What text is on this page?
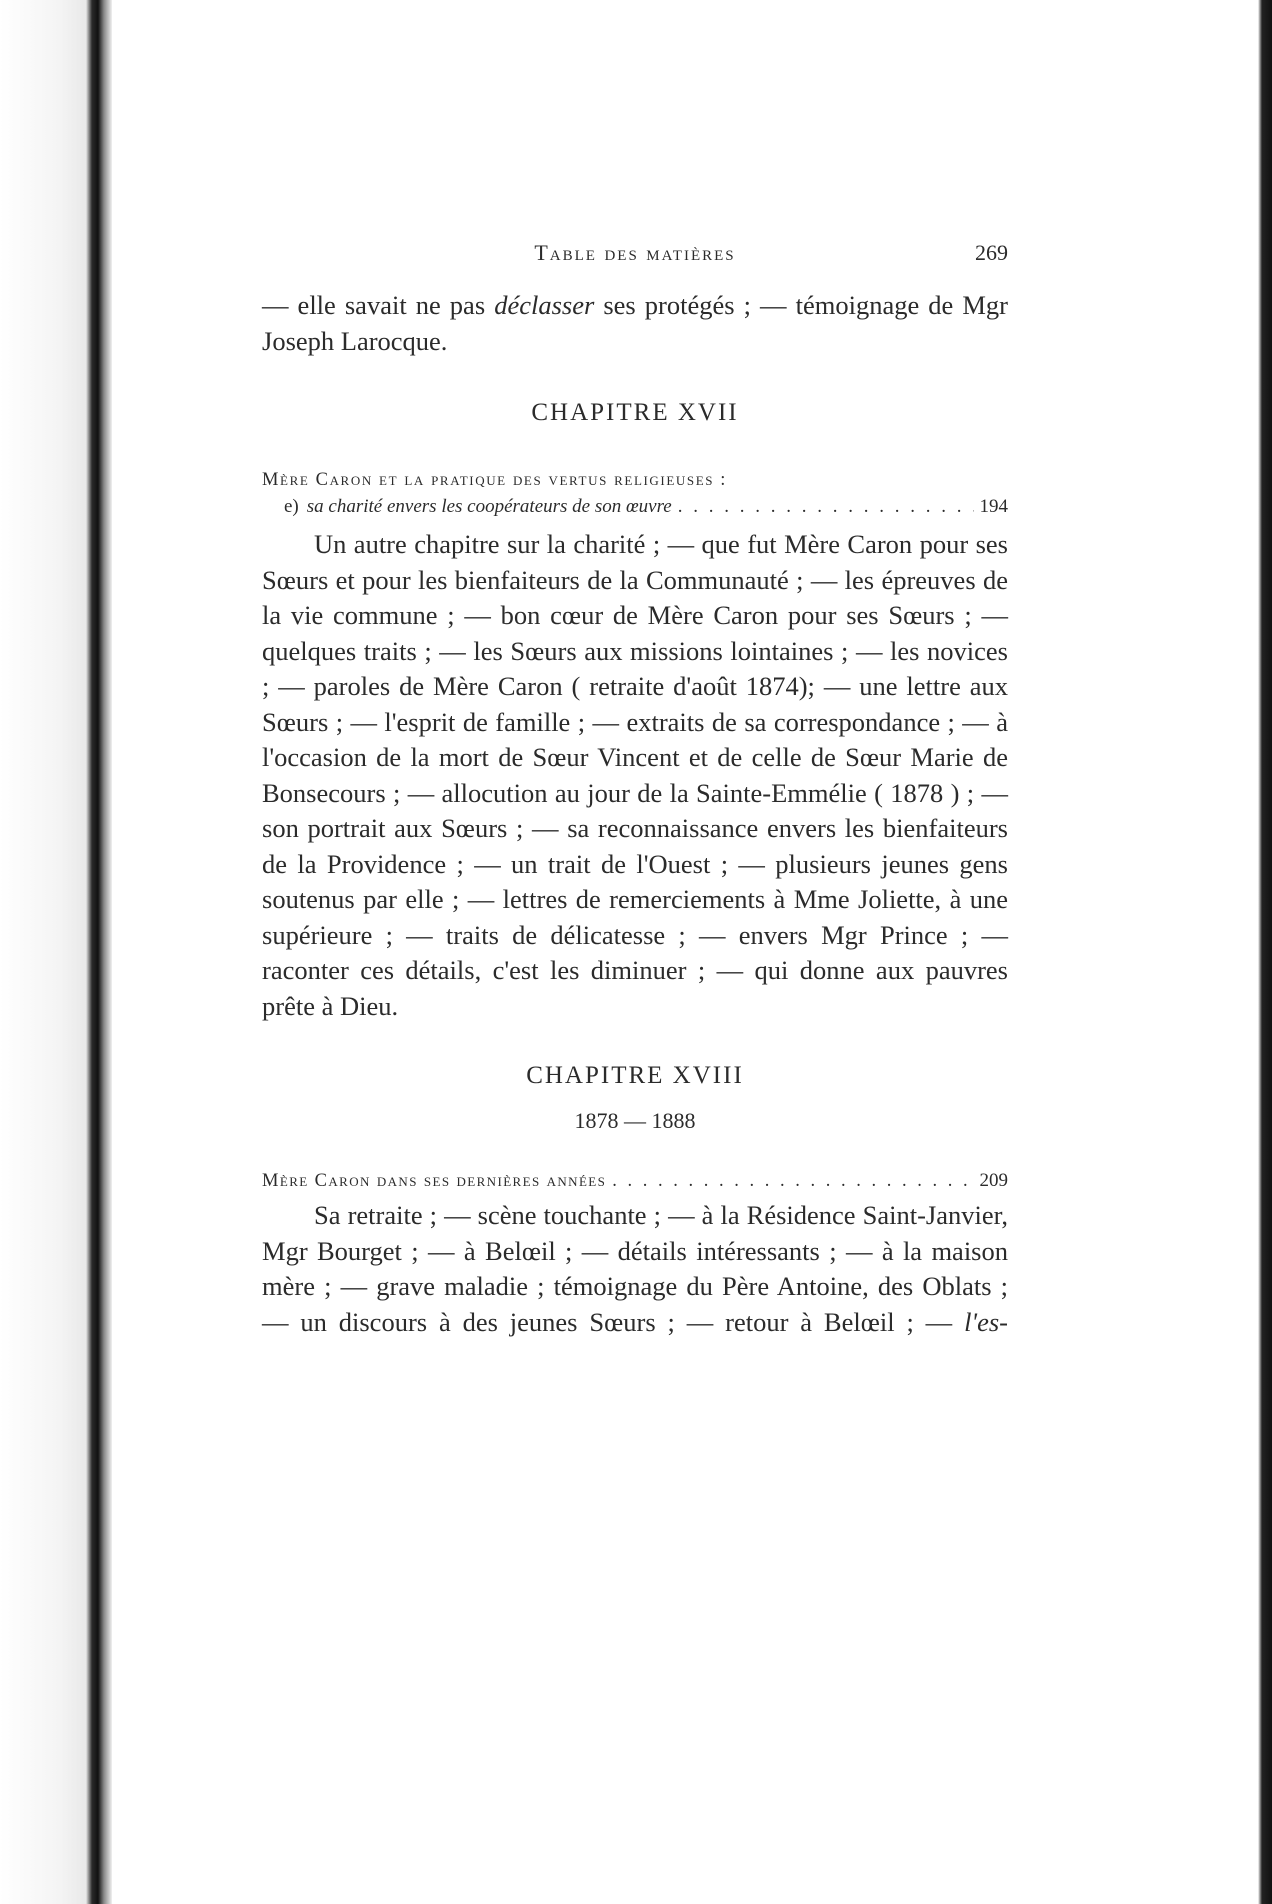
Table des matières	269

— elle savait ne pas déclasser ses protégés ; — témoignage de Mgr Joseph Larocque.

CHAPITRE XVII

Mère Caron et la pratique des vertus religieuses :

e) sa charité envers les coopérateurs de son œuvre . . .	194

Un autre chapitre sur la charité ; — que fut Mère Caron pour ses Sœurs et pour les bienfaiteurs de la Communauté ; — les épreuves de la vie commune ; — bon cœur de Mère Caron pour ses Sœurs ; — quelques traits ; — les Sœurs aux missions lointaines ; — les novices ; — paroles de Mère Caron ( retraite d'août 1874); — une lettre aux Sœurs ; — l'esprit de famille ; — extraits de sa correspondance ; — à l'occasion de la mort de Sœur Vincent et de celle de Sœur Marie de Bonsecours ; — allocution au jour de la Sainte-Emmélie ( 1878 ) ; — son portrait aux Sœurs ; — sa reconnaissance envers les bienfaiteurs de la Providence ; — un trait de l'Ouest ; — plusieurs jeunes gens soutenus par elle ; — lettres de remerciements à Mme Joliette, à une supérieure ; — traits de délicatesse ; — envers Mgr Prince ; — raconter ces détails, c'est les diminuer ; — qui donne aux pauvres prête à Dieu.

CHAPITRE XVIII

1878 — 1888

Mère Caron dans ses dernières années . . .	209

Sa retraite ; — scène touchante ; — à la Résidence Saint-Janvier, Mgr Bourget ; — à Belœil ; — détails intéressants ; — à la maison mère ; — grave maladie ; témoignage du Père Antoine, des Oblats ; — un discours à des jeunes Sœurs ; — retour à Belœil ; — l'es-
